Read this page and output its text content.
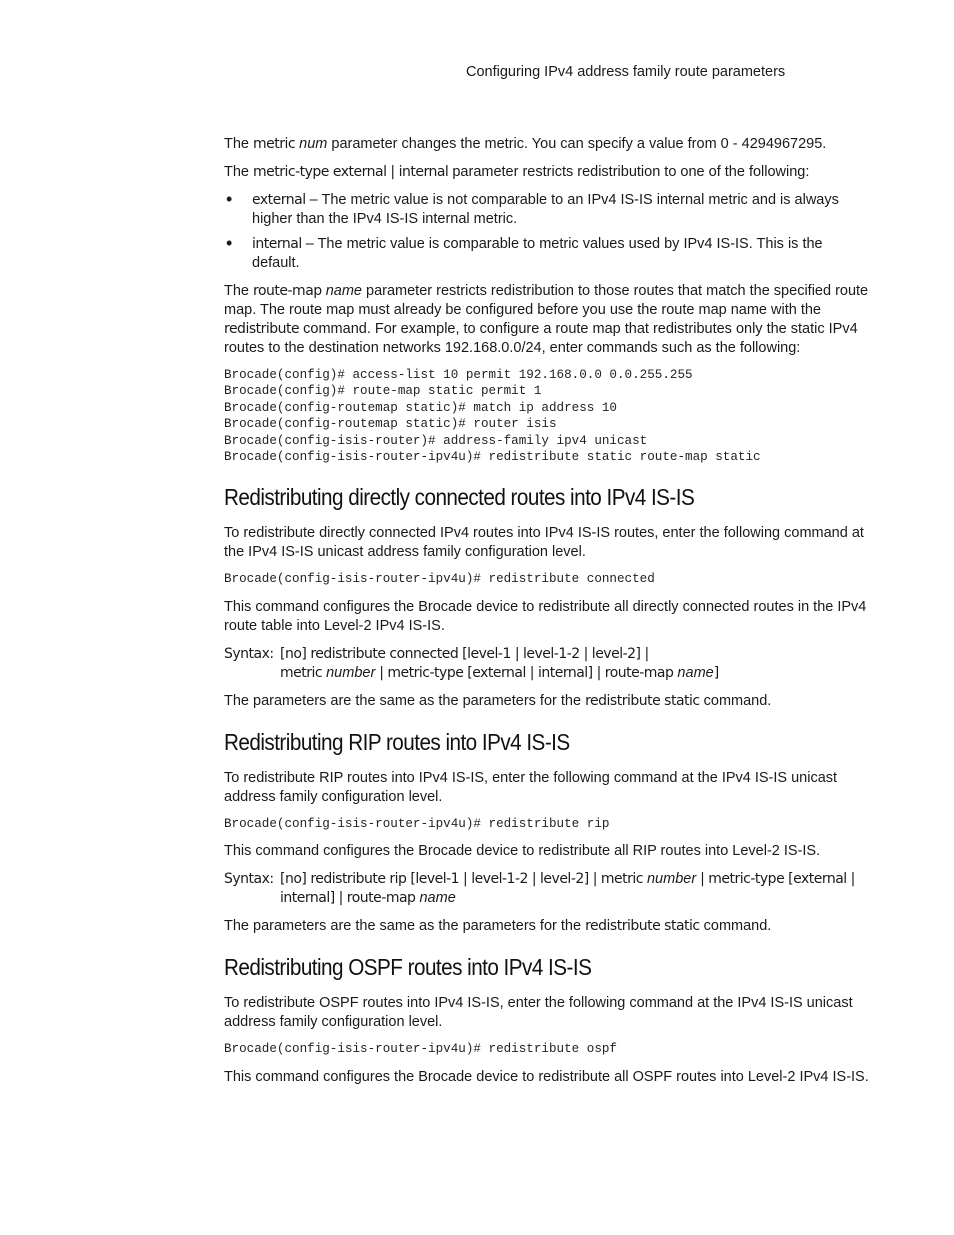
Configuring IPv4 address family route parameters

The metric num parameter changes the metric. You can specify a value from 0 - 4294967295.

The metric-type external | internal parameter restricts redistribution to one of the following:

• external – The metric value is not comparable to an IPv4 IS-IS internal metric and is always higher than the IPv4 IS-IS internal metric.
• internal – The metric value is comparable to metric values used by IPv4 IS-IS. This is the default.

The route-map name parameter restricts redistribution to those routes that match the specified route map. The route map must already be configured before you use the route map name with the redistribute command. For example, to configure a route map that redistributes only the static IPv4 routes to the destination networks 192.168.0.0/24, enter commands such as the following:

Brocade(config)# access-list 10 permit 192.168.0.0 0.0.255.255
Brocade(config)# route-map static permit 1
Brocade(config-routemap static)# match ip address 10
Brocade(config-routemap static)# router isis
Brocade(config-isis-router)# address-family ipv4 unicast
Brocade(config-isis-router-ipv4u)# redistribute static route-map static
Redistributing directly connected routes into IPv4 IS-IS

To redistribute directly connected IPv4 routes into IPv4 IS-IS routes, enter the following command at the IPv4 IS-IS unicast address family configuration level.

Brocade(config-isis-router-ipv4u)# redistribute connected

This command configures the Brocade device to redistribute all directly connected routes in the IPv4 route table into Level-2 IPv4 IS-IS.

Syntax: [no] redistribute connected [level-1 | level-1-2 | level-2] |
metric number | metric-type [external | internal] | route-map name]

The parameters are the same as the parameters for the redistribute static command.

Redistributing RIP routes into IPv4 IS-IS

To redistribute RIP routes into IPv4 IS-IS, enter the following command at the IPv4 IS-IS unicast address family configuration level.

Brocade(config-isis-router-ipv4u)# redistribute rip

This command configures the Brocade device to redistribute all RIP routes into Level-2 IS-IS.

Syntax: [no] redistribute rip [level-1 | level-1-2 | level-2] | metric number | metric-type [external | internal] | route-map name

The parameters are the same as the parameters for the redistribute static command.

Redistributing OSPF routes into IPv4 IS-IS

To redistribute OSPF routes into IPv4 IS-IS, enter the following command at the IPv4 IS-IS unicast address family configuration level.

Brocade(config-isis-router-ipv4u)# redistribute ospf

This command configures the Brocade device to redistribute all OSPF routes into Level-2 IPv4 IS-IS.
